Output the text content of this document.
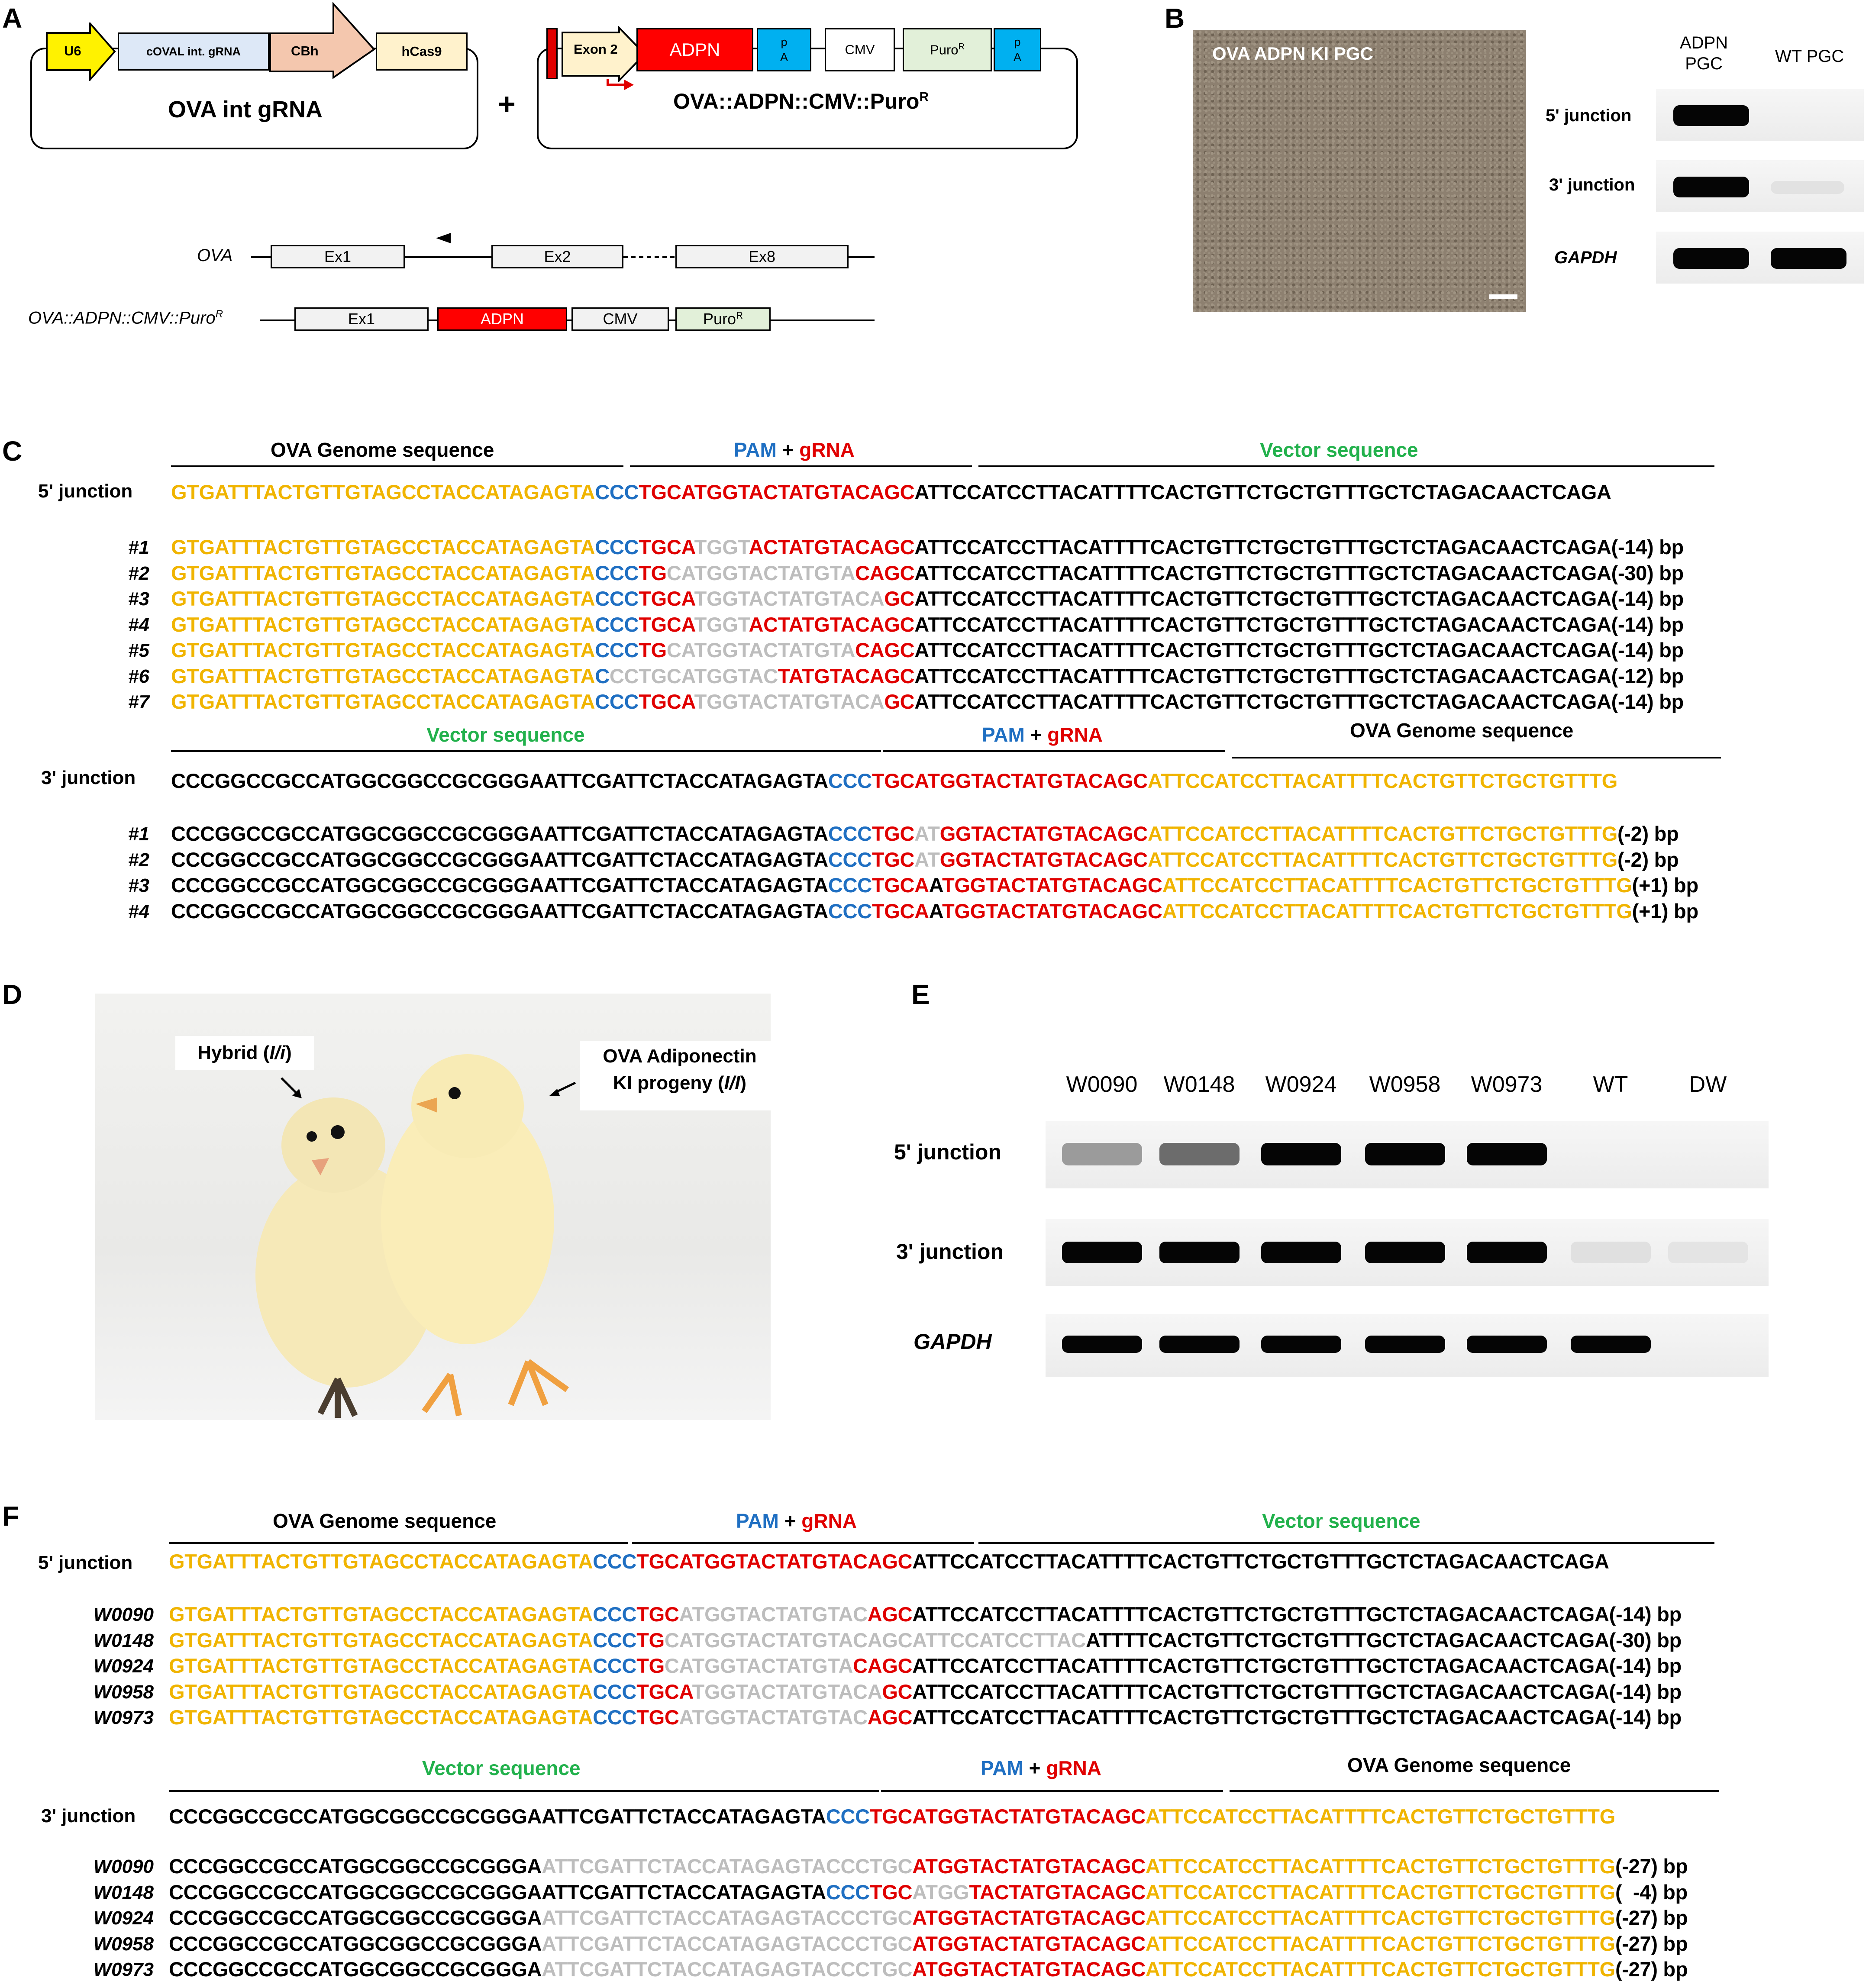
A
U6	cOVAL int. gRNA	CBh	hCas9
OVA int gRNA	+
Exon 2	ADPN	p
A	CMV	Puro$^R$	p
A
OVA::ADPN::CMV::Puro$^R$
OVA	Ex1	Ex2	Ex8
OVA::ADPN::CMV::Puro$^R$	Ex1	ADPN	CMV	Puro$^R$
B
OVA ADPN KI PGC
ADPN
PGC	WT PGC
5' junction
3' junction
GAPDH
C	OVA Genome sequence	PAM + gRNA	Vector sequence
5' junction GTGATTTACTGTTGTAGCCTACCATAGAGTACCCTGCATGGTACTATGTACAGCATTCCATCCTTACATTTTCACTGTTCTGCTGTTTGCTCTAGACAACTCAGA
Vector sequence	PAM + gRNA	OVA Genome sequence
3' junction CCCGGCCGCCATGGCGGCCGCGGGAATTCGATTCTACCATAGAGTACCCTGCATGGTACTATGTACAGCATTCCATCCTTACATTTTCACTGTTCTGCTGTTTG
D
Hybrid (I/i)	OVA Adiponectin
KI progeny (I/I)
E
5' junction
3' junction
GAPDH
F	OVA Genome sequence	PAM + gRNA	Vector sequence
5' junction GTGATTTACTGTTGTAGCCTACCATAGAGTACCCTGCATGGTACTATGTACAGCATTCCATCCTTACATTTTCACTGTTCTGCTGTTTGCTCTAGACAACTCAGA
Vector sequence	PAM + gRNA	OVA Genome sequence
3' junction CCCGGCCGCCATGGCGGCCGCGGGAATTCGATTCTACCATAGAGTACCCTGCATGGTACTATGTACAGCATTCCATCCTTACATTTTCACTGTTCTGCTGTTTG
#1 GTGATTTACTGTTGTAGCCTACCATAGAGTACCCTGCATGGTACTATGTACAGCATTCCATCCTTACATTTTCACTGTTCTGCTGTTTGCTCTAGACAACTCAGA(-14) bp
#2 GTGATTTACTGTTGTAGCCTACCATAGAGTACCCTGCATGGTACTATGTACAGCATTCCATCCTTACATTTTCACTGTTCTGCTGTTTGCTCTAGACAACTCAGA(-30) bp
#3 GTGATTTACTGTTGTAGCCTACCATAGAGTACCCTGCATGGTACTATGTACAGCATTCCATCCTTACATTTTCACTGTTCTGCTGTTTGCTCTAGACAACTCAGA(-14) bp
#4 GTGATTTACTGTTGTAGCCTACCATAGAGTACCCTGCATGGTACTATGTACAGCATTCCATCCTTACATTTTCACTGTTCTGCTGTTTGCTCTAGACAACTCAGA(-14) bp
#5 GTGATTTACTGTTGTAGCCTACCATAGAGTACCCTGCATGGTACTATGTACAGCATTCCATCCTTACATTTTCACTGTTCTGCTGTTTGCTCTAGACAACTCAGA(-14) bp
#6 GTGATTTACTGTTGTAGCCTACCATAGAGTACCCTGCATGGTACTATGTACAGCATTCCATCCTTACATTTTCACTGTTCTGCTGTTTGCTCTAGACAACTCAGA(-12) bp
#7 GTGATTTACTGTTGTAGCCTACCATAGAGTACCCTGCATGGTACTATGTACAGCATTCCATCCTTACATTTTCACTGTTCTGCTGTTTGCTCTAGACAACTCAGA(-14) bp
#1 CCCGGCCGCCATGGCGGCCGCGGGAATTCGATTCTACCATAGAGTACCCTGCATGGTACTATGTACAGCATTCCATCCTTACATTTTCACTGTTCTGCTGTTTG(-2) bp
#2 CCCGGCCGCCATGGCGGCCGCGGGAATTCGATTCTACCATAGAGTACCCTGCATGGTACTATGTACAGCATTCCATCCTTACATTTTCACTGTTCTGCTGTTTG(-2) bp
#3 CCCGGCCGCCATGGCGGCCGCGGGAATTCGATTCTACCATAGAGTACCCTGCAATGGTACTATGTACAGCATTCCATCCTTACATTTTCACTGTTCTGCTGTTTG(+1) bp
#4 CCCGGCCGCCATGGCGGCCGCGGGAATTCGATTCTACCATAGAGTACCCTGCAATGGTACTATGTACAGCATTCCATCCTTACATTTTCACTGTTCTGCTGTTTG(+1) bp
W0090 GTGATTTACTGTTGTAGCCTACCATAGAGTACCCTGCATGGTACTATGTACAGCATTCCATCCTTACATTTTCACTGTTCTGCTGTTTGCTCTAGACAACTCAGA(-14) bp
W0148 GTGATTTACTGTTGTAGCCTACCATAGAGTACCCTGCATGGTACTATGTACAGCATTCCATCCTTACATTTTCACTGTTCTGCTGTTTGCTCTAGACAACTCAGA(-30) bp
W0924 GTGATTTACTGTTGTAGCCTACCATAGAGTACCCTGCATGGTACTATGTACAGCATTCCATCCTTACATTTTCACTGTTCTGCTGTTTGCTCTAGACAACTCAGA(-14) bp
W0958 GTGATTTACTGTTGTAGCCTACCATAGAGTACCCTGCATGGTACTATGTACAGCATTCCATCCTTACATTTTCACTGTTCTGCTGTTTGCTCTAGACAACTCAGA(-14) bp
W0973 GTGATTTACTGTTGTAGCCTACCATAGAGTACCCTGCATGGTACTATGTACAGCATTCCATCCTTACATTTTCACTGTTCTGCTGTTTGCTCTAGACAACTCAGA(-14) bp
W0090 CCCGGCCGCCATGGCGGCCGCGGGAATTCGATTCTACCATAGAGTACCCTGCATGGTACTATGTACAGCATTCCATCCTTACATTTTCACTGTTCTGCTGTTTG(-27) bp
W0148 CCCGGCCGCCATGGCGGCCGCGGGAATTCGATTCTACCATAGAGTACCCTGCATGGTACTATGTACAGCATTCCATCCTTACATTTTCACTGTTCTGCTGTTTG(  -4) bp
W0924 CCCGGCCGCCATGGCGGCCGCGGGAATTCGATTCTACCATAGAGTACCCTGCATGGTACTATGTACAGCATTCCATCCTTACATTTTCACTGTTCTGCTGTTTG(-27) bp
W0958 CCCGGCCGCCATGGCGGCCGCGGGAATTCGATTCTACCATAGAGTACCCTGCATGGTACTATGTACAGCATTCCATCCTTACATTTTCACTGTTCTGCTGTTTG(-27) bp
W0973 CCCGGCCGCCATGGCGGCCGCGGGAATTCGATTCTACCATAGAGTACCCTGCATGGTACTATGTACAGCATTCCATCCTTACATTTTCACTGTTCTGCTGTTTG(-27) bp
W0090 W0148 W0924 W0958 W0973	WT	DW
